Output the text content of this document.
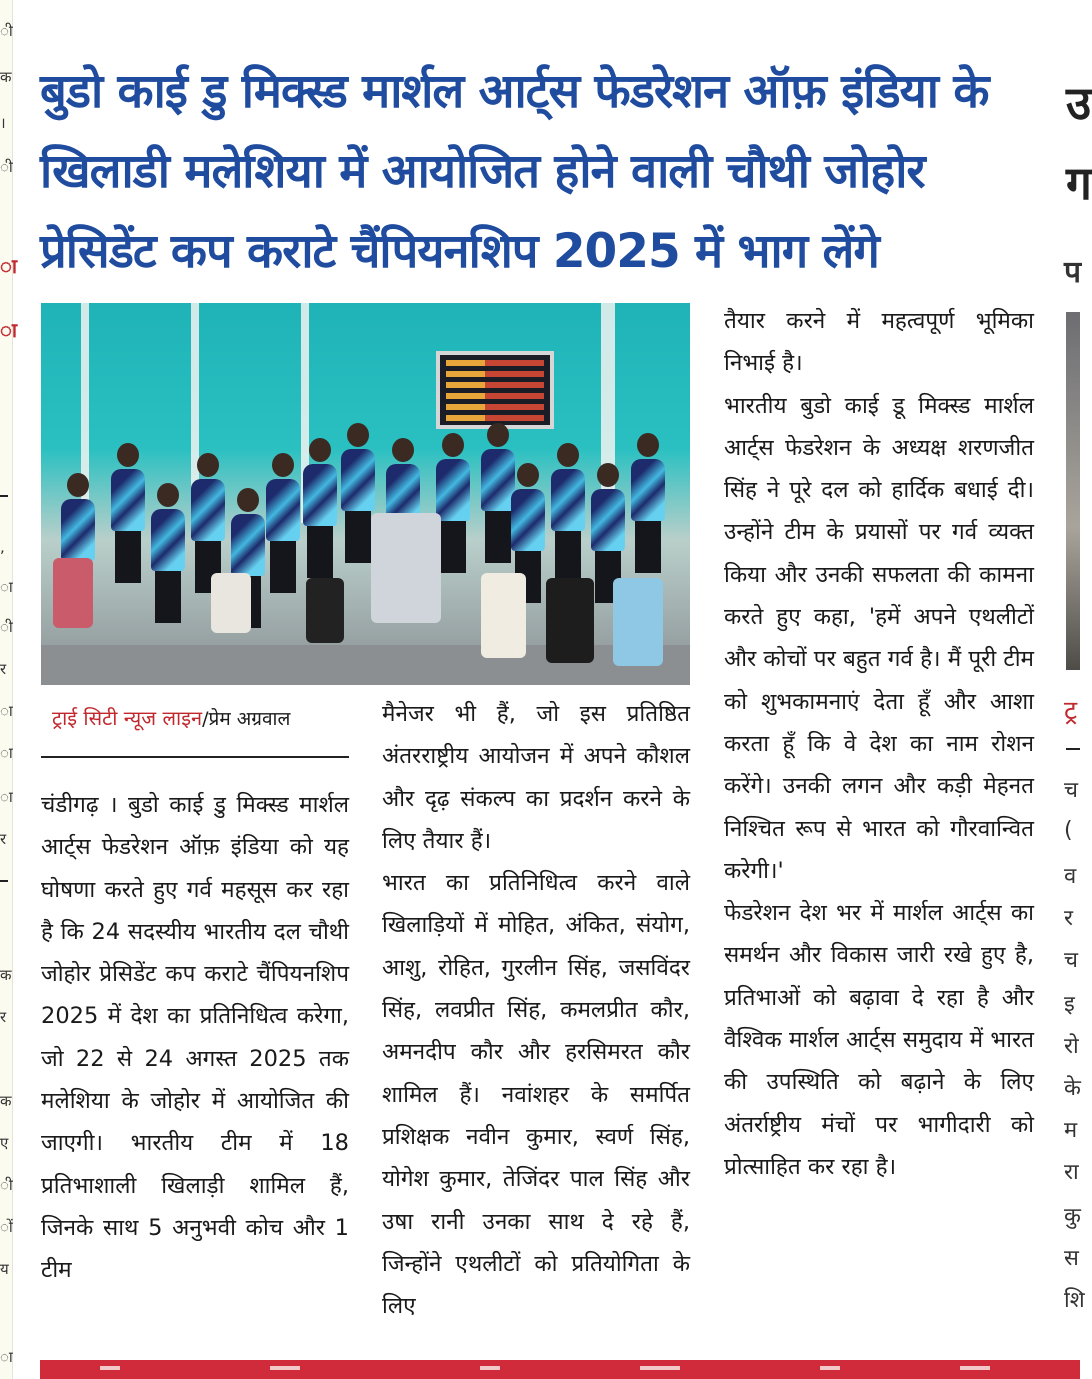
ी
क
।
ी
ा
ा
,
ा
ी
र
ा
ा
ा
र
क
र
क
ए
ी
ों
य
ा
उ
ग
प
ट्र
च
(
व
र
च
इ
रो
के
म
रा
कु
स
शि
बुडो काई डु मिक्स्ड मार्शल आर्ट्स फेडरेशन ऑफ़ इंडिया के
खिलाडी मलेशिया में आयोजित होने वाली चौथी जोहोर
प्रेसिडेंट कप कराटे चैंपियनशिप 2025 में भाग लेंगे
ट्राई सिटी न्यूज लाइन/प्रेम अग्रवाल

चंडीगढ़ । बुडो काई डु मिक्स्ड मार्शल आर्ट्स फेडरेशन ऑफ़ इंडिया को यह घोषणा करते हुए गर्व महसूस कर रहा है कि 24 सदस्यीय भारतीय दल चौथी जोहोर प्रेसिडेंट कप कराटे चैंपियनशिप 2025 में देश का प्रतिनिधित्व करेगा, जो 22 से 24 अगस्त 2025 तक मलेशिया के जोहोर में आयोजित की जाएगी। भारतीय टीम में 18 प्रतिभाशाली खिलाड़ी शामिल हैं, जिनके साथ 5 अनुभवी कोच और 1 टीम

मैनेजर भी हैं, जो इस प्रतिष्ठित अंतरराष्ट्रीय आयोजन में अपने कौशल और दृढ़ संकल्प का प्रदर्शन करने के लिए तैयार हैं।

भारत का प्रतिनिधित्व करने वाले खिलाड़ियों में मोहित, अंकित, संयोग, आशु, रोहित, गुरलीन सिंह, जसविंदर सिंह, लवप्रीत सिंह, कमलप्रीत कौर, अमनदीप कौर और हरसिमरत कौर शामिल हैं। नवांशहर के समर्पित प्रशिक्षक नवीन कुमार, स्वर्ण सिंह, योगेश कुमार, तेजिंदर पाल सिंह और उषा रानी उनका साथ दे रहे हैं, जिन्होंने एथलीटों को प्रतियोगिता के लिए

तैयार करने में महत्वपूर्ण भूमिका निभाई है।

भारतीय बुडो काई डू मिक्स्ड मार्शल आर्ट्स फेडरेशन के अध्यक्ष शरणजीत सिंह ने पूरे दल को हार्दिक बधाई दी। उन्होंने टीम के प्रयासों पर गर्व व्यक्त किया और उनकी सफलता की कामना करते हुए कहा, 'हमें अपने एथलीटों और कोचों पर बहुत गर्व है। मैं पूरी टीम को शुभकामनाएं देता हूँ और आशा करता हूँ कि वे देश का नाम रोशन करेंगे। उनकी लगन और कड़ी मेहनत निश्चित रूप से भारत को गौरवान्वित करेगी।'

फेडरेशन देश भर में मार्शल आर्ट्स का समर्थन और विकास जारी रखे हुए है, प्रतिभाओं को बढ़ावा दे रहा है और वैश्विक मार्शल आर्ट्स समुदाय में भारत की उपस्थिति को बढ़ाने के लिए अंतर्राष्ट्रीय मंचों पर भागीदारी को प्रोत्साहित कर रहा है।
